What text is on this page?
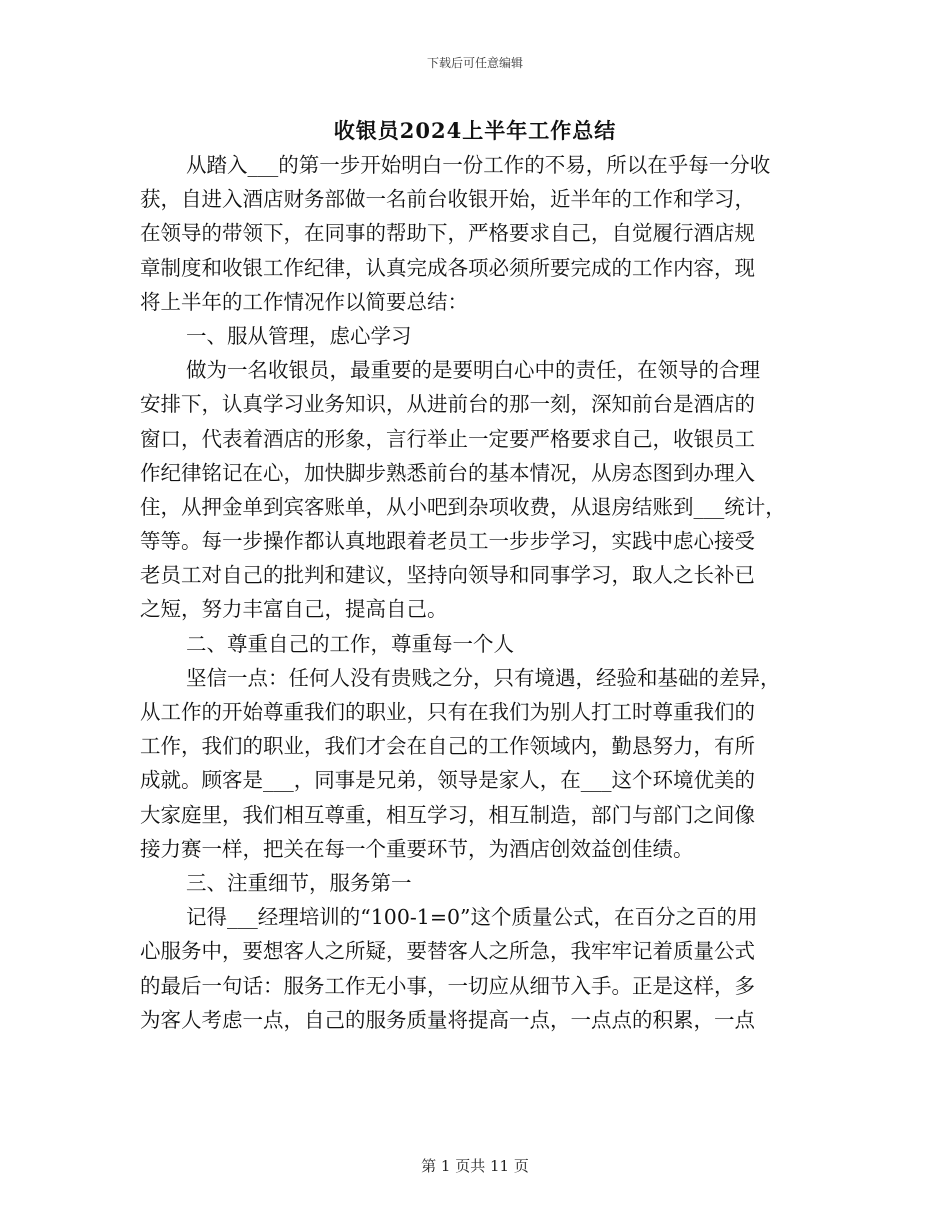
下载后可任意编辑
收银员2024上半年工作总结
从踏入___的第一步开始明白一份工作的不易，所以在乎每一分收
获，自进入酒店财务部做一名前台收银开始，近半年的工作和学习，
在领导的带领下，在同事的帮助下，严格要求自己，自觉履行酒店规
章制度和收银工作纪律，认真完成各项必须所要完成的工作内容，现
将上半年的工作情况作以简要总结：
一、服从管理，虑心学习
做为一名收银员，最重要的是要明白心中的责任，在领导的合理
安排下，认真学习业务知识，从进前台的那一刻，深知前台是酒店的
窗口，代表着酒店的形象，言行举止一定要严格要求自己，收银员工
作纪律铭记在心，加快脚步熟悉前台的基本情况，从房态图到办理入
住，从押金单到宾客账单，从小吧到杂项收费，从退房结账到___统计，
等等。每一步操作都认真地跟着老员工一步步学习，实践中虑心接受
老员工对自己的批判和建议，坚持向领导和同事学习，取人之长补已
之短，努力丰富自己，提高自己。
二、尊重自己的工作，尊重每一个人
坚信一点：任何人没有贵贱之分，只有境遇，经验和基础的差异，
从工作的开始尊重我们的职业，只有在我们为别人打工时尊重我们的
工作，我们的职业，我们才会在自己的工作领域内，勤恳努力，有所
成就。顾客是___，同事是兄弟，领导是家人，在___这个环境优美的
大家庭里，我们相互尊重，相互学习，相互制造，部门与部门之间像
接力赛一样，把关在每一个重要环节，为酒店创效益创佳绩。
三、注重细节，服务第一
记得___经理培训的“100-1=0”这个质量公式，在百分之百的用
心服务中，要想客人之所疑，要替客人之所急，我牢牢记着质量公式
的最后一句话：服务工作无小事，一切应从细节入手。正是这样，多
为客人考虑一点，自己的服务质量将提高一点，一点点的积累，一点
第 1 页共 11 页
